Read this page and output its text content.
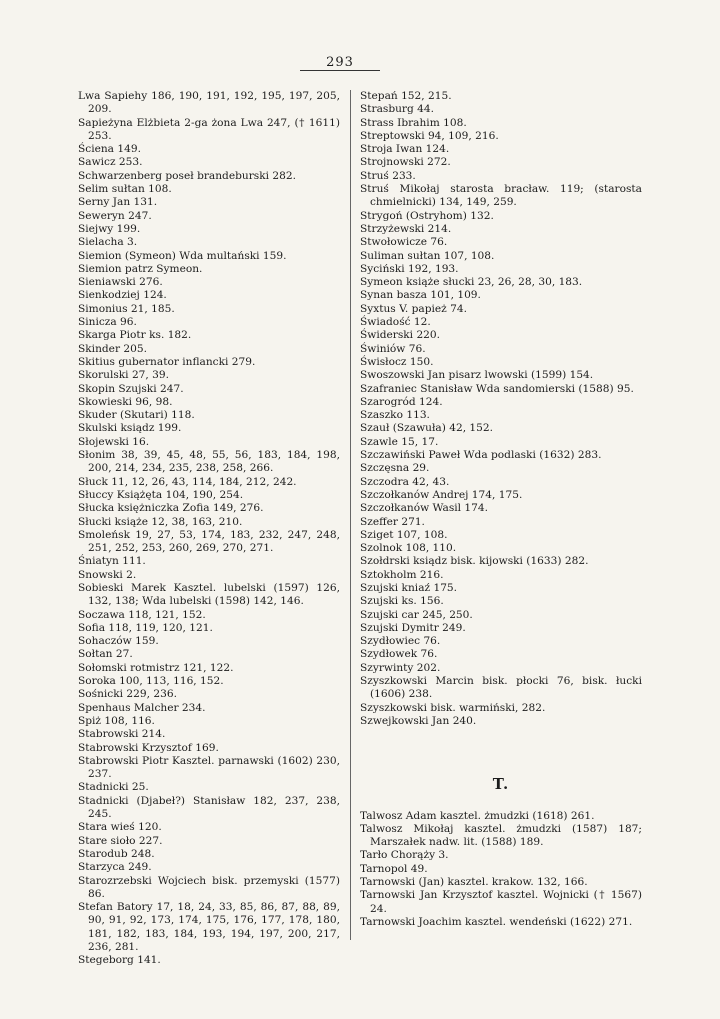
293
Lwa Sapiehy 186, 190, 191, 192, 195, 197, 205, 209.
Sapieżyna Elżbieta 2-ga żona Lwa 247, († 1611) 253.
Ściena 149.
Sawicz 253.
Schwarzenberg poseł brandeburski 282.
Selim sułtan 108.
Serny Jan 131.
Seweryn 247.
Siejwy 199.
Sielacha 3.
Siemion (Symeon) Wda multański 159.
Siemion patrz Symeon.
Sieniawski 276.
Sienkodziej 124.
Simonius 21, 185.
Sinicza 96.
Skarga Piotr ks. 182.
Skinder 205.
Skitius gubernator inflancki 279.
Skorulski 27, 39.
Skopin Szujski 247.
Skowieski 96, 98.
Skuder (Skutari) 118.
Skulski ksiądz 199.
Słojewski 16.
Słonim 38, 39, 45, 48, 55, 56, 183, 184, 198, 200, 214, 234, 235, 238, 258, 266.
Słuck 11, 12, 26, 43, 114, 184, 212, 242.
Słuccy Książęta 104, 190, 254.
Słucka księżniczka Zofia 149, 276.
Słucki książe 12, 38, 163, 210.
Smoleńsk 19, 27, 53, 174, 183, 232, 247, 248, 251, 252, 253, 260, 269, 270, 271.
Śniatyn 111.
Snowski 2.
Sobieski Marek Kasztel. lubelski (1597) 126, 132, 138; Wda lubelski (1598) 142, 146.
Soczawa 118, 121, 152.
Sofia 118, 119, 120, 121.
Sohaczów 159.
Sołtan 27.
Sołomski rotmistrz 121, 122.
Soroka 100, 113, 116, 152.
Sośnicki 229, 236.
Spenhaus Malcher 234.
Spiż 108, 116.
Stabrowski 214.
Stabrowski Krzysztof 169.
Stabrowski Piotr Kasztel. parnawski (1602) 230, 237.
Stadnicki 25.
Stadnicki (Djabeł?) Stanisław 182, 237, 238, 245.
Stara wieś 120.
Stare sioło 227.
Starodub 248.
Starzyca 249.
Starozrzebski Wojciech bisk. przemyski (1577) 86.
Stefan Batory 17, 18, 24, 33, 85, 86, 87, 88, 89, 90, 91, 92, 173, 174, 175, 176, 177, 178, 180, 181, 182, 183, 184, 193, 194, 197, 200, 217, 236, 281.
Stegeborg 141.
Stepań 152, 215.
Strasburg 44.
Strass Ibrahim 108.
Streptowski 94, 109, 216.
Stroja Iwan 124.
Strojnowski 272.
Struś 233.
Struś Mikołaj starosta bracław. 119; (starosta chmielnicki) 134, 149, 259.
Strygoń (Ostryhom) 132.
Strzyżewski 214.
Stwołowicze 76.
Suliman sułtan 107, 108.
Syciński 192, 193.
Symeon książe słucki 23, 26, 28, 30, 183.
Synan basza 101, 109.
Syxtus V. papież 74.
Świadość 12.
Świderski 220.
Świniów 76.
Świsłocz 150.
Swoszowski Jan pisarz lwowski (1599) 154.
Szafraniec Stanisław Wda sandomierski (1588) 95.
Szarogród 124.
Szaszko 113.
Szauł (Szawuła) 42, 152.
Szawle 15, 17.
Szczawiński Paweł Wda podlaski (1632) 283.
Szczęsna 29.
Szczodra 42, 43.
Szczołkanów Andrej 174, 175.
Szczołkanów Wasil 174.
Szeffer 271.
Sziget 107, 108.
Szolnok 108, 110.
Szołdrski ksiądz bisk. kijowski (1633) 282.
Sztokholm 216.
Szujski kniaź 175.
Szujski ks. 156.
Szujski car 245, 250.
Szujski Dymitr 249.
Szydłowiec 76.
Szydłowek 76.
Szyrwinty 202.
Szyszkowski Marcin bisk. płocki 76, bisk. łucki (1606) 238.
Szyszkowski bisk. warmiński, 282.
Szwejkowski Jan 240.
T.
Talwosz Adam kasztel. żmudzki (1618) 261.
Talwosz Mikołaj kasztel. żmudzki (1587) 187; Marszałek nadw. lit. (1588) 189.
Tarło Chorąży 3.
Tarnopol 49.
Tarnowski (Jan) kasztel. krakow. 132, 166.
Tarnowski Jan Krzysztof kasztel. Wojnicki († 1567) 24.
Tarnowski Joachim kasztel. wendeński (1622) 271.
